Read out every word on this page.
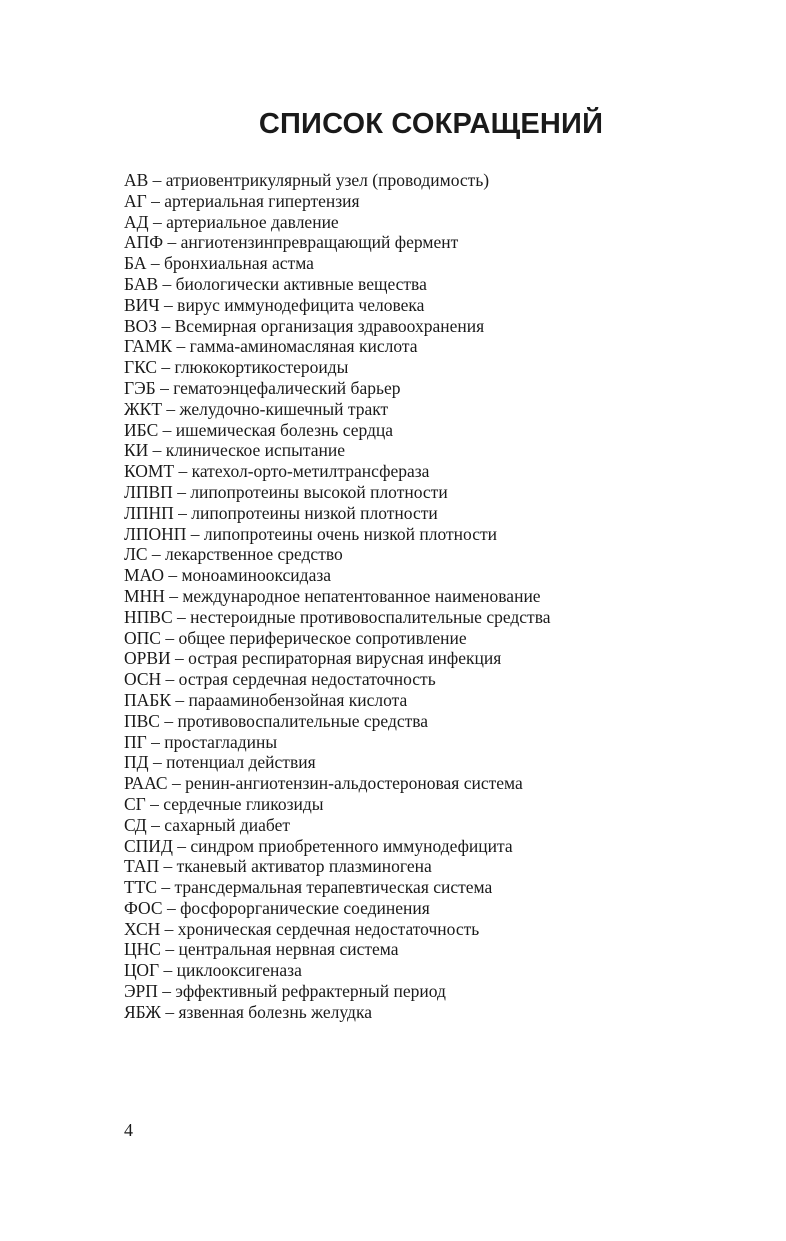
СПИСОК СОКРАЩЕНИЙ
АВ – атриовентрикулярный узел (проводимость)
АГ – артериальная гипертензия
АД – артериальное давление
АПФ – ангиотензинпревращающий фермент
БА – бронхиальная астма
БАВ – биологически активные вещества
ВИЧ – вирус иммунодефицита человека
ВОЗ – Всемирная организация здравоохранения
ГАМК – гамма-аминомасляная кислота
ГКС – глюкокортикостероиды
ГЭБ – гематоэнцефалический барьер
ЖКТ – желудочно-кишечный тракт
ИБС – ишемическая болезнь сердца
КИ – клиническое испытание
КОМТ – катехол-орто-метилтрансфераза
ЛПВП – липопротеины высокой плотности
ЛПНП – липопротеины низкой плотности
ЛПОНП – липопротеины очень низкой плотности
ЛС – лекарственное средство
МАО – моноаминооксидаза
МНН – международное непатентованное наименование
НПВС – нестероидные противовоспалительные средства
ОПС – общее периферическое сопротивление
ОРВИ – острая респираторная вирусная инфекция
ОСН – острая сердечная недостаточность
ПАБК – парааминобензойная кислота
ПВС – противовоспалительные средства
ПГ – простагладины
ПД – потенциал действия
РААС – ренин-ангиотензин-альдостероновая система
СГ – сердечные гликозиды
СД – сахарный диабет
СПИД – синдром приобретенного иммунодефицита
ТАП – тканевый активатор плазминогена
ТТС – трансдермальная терапевтическая система
ФОС – фосфорорганические соединения
ХСН – хроническая сердечная недостаточность
ЦНС – центральная нервная система
ЦОГ – циклооксигеназа
ЭРП – эффективный рефрактерный период
ЯБЖ – язвенная болезнь желудка
4
